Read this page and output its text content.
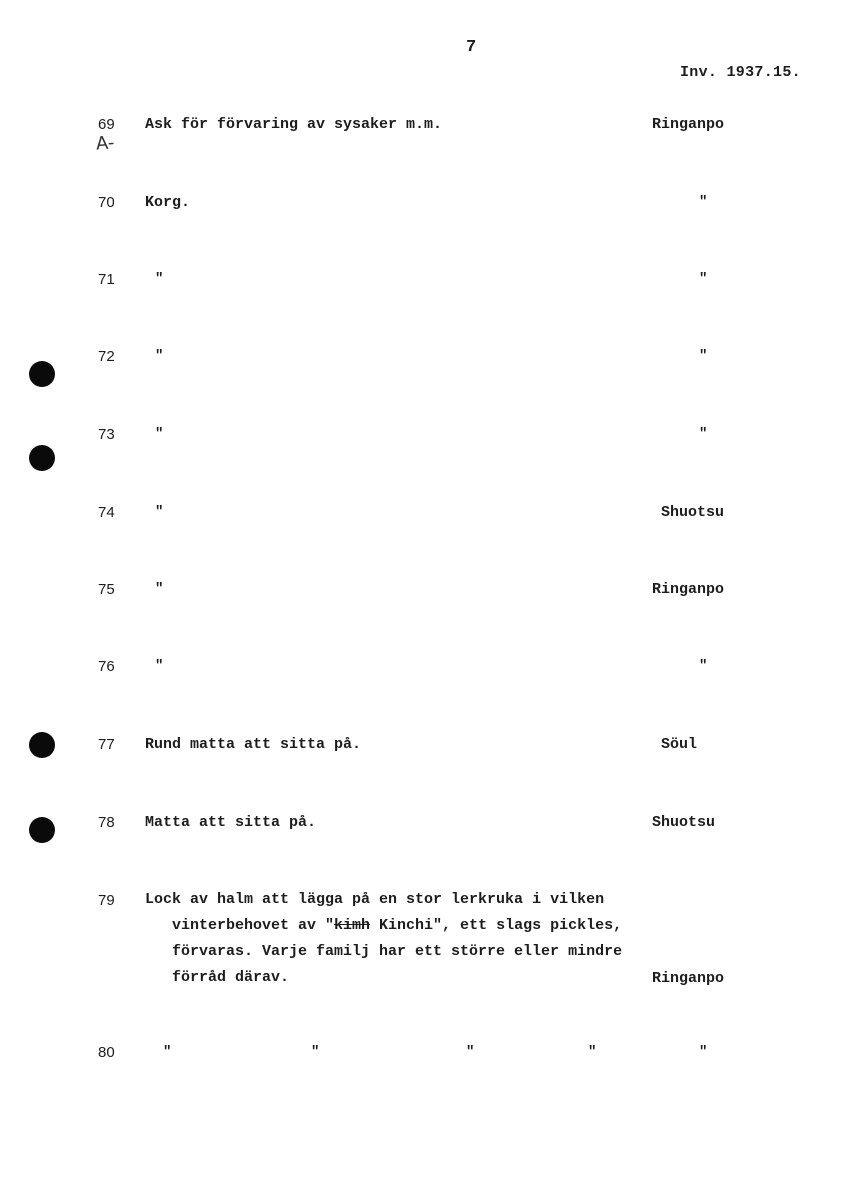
7
Inv. 1937.15.
A-
69 Ask för förvaring av sysaker m.m.	Ringanpo
70 Korg.	"
71	"	"
72	"	"
73	"	"
74	"	Shuotsu
75	"	Ringanpo
76	"	"
77 Rund matta att sitta på.	Söul
78 Matta att sitta på.	Shuotsu
79 Lock av halm att lägga på en stor lerkruka i vilken
vinterbehovet av "kimh Kinchi", ett slags pickles,
förvaras. Varje familj har ett större eller mindre
förråd därav.	Ringanpo
80	"	"	"	"	"
